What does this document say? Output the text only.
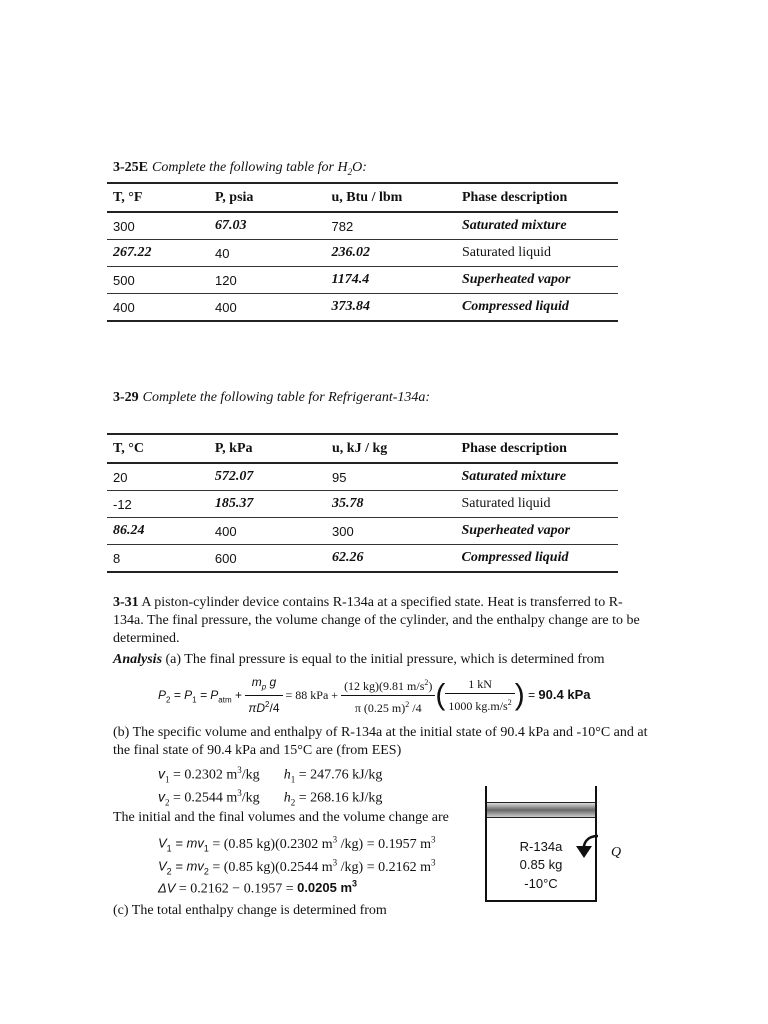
3-25E Complete the following table for $H_2O$:
T, °F	P, psia	u, Btu / lbm	Phase description
300	67.03	782	Saturated mixture
267.22	40	236.02	Saturated liquid
500	120	1174.4	Superheated vapor
400	400	373.84	Compressed liquid
3-29 Complete the following table for Refrigerant-134a:
T, °C	P, kPa	u, kJ / kg	Phase description
20	572.07	95	Saturated mixture
-12	185.37	35.78	Saturated liquid
86.24	400	300	Superheated vapor
8	600	62.26	Compressed liquid
3-31 A piston-cylinder device contains R-134a at a specified state. Heat is transferred to R-134a. The final pressure, the volume change of the cylinder, and the enthalpy change are to be determined.
Analysis (a) The final pressure is equal to the initial pressure, which is determined from
$P_2 = P_1 = P_{atm} + \frac{m_p g}{\pi D^2/4} = 88$ kPa + $\frac{(12 kg)(9.81 m/s^2)}{\pi (0.25 m)^2 /4}$ ( $\frac{1 kN}{1000 kg.m/s^2}$ ) = 90.4 kPa
(b) The specific volume and enthalpy of R-134a at the initial state of 90.4 kPa and -10°C and at the final state of 90.4 kPa and 15°C are (from EES)
$v_1 = 0.2302$ $m^3/kg$ $h_1 = 247.76$ kJ/kg
$v_2 = 0.2544$ $m^3/kg$ $h_2 = 268.16$ kJ/kg
The initial and the final volumes and the volume change are
$V_1 = mv_1 = (0.85$ kg)(0.2302 $m^3$ /kg) = 0.1957 $m^3$
$V_2 = mv_2 = (0.85$ kg)(0.2544 $m^3$ /kg) = 0.2162 $m^3$
ΔV = 0.2162 − 0.1957 = 0.0205 $m^3$
(c) The total enthalpy change is determined from
R-134a
0.85 kg
-10°C
Q
